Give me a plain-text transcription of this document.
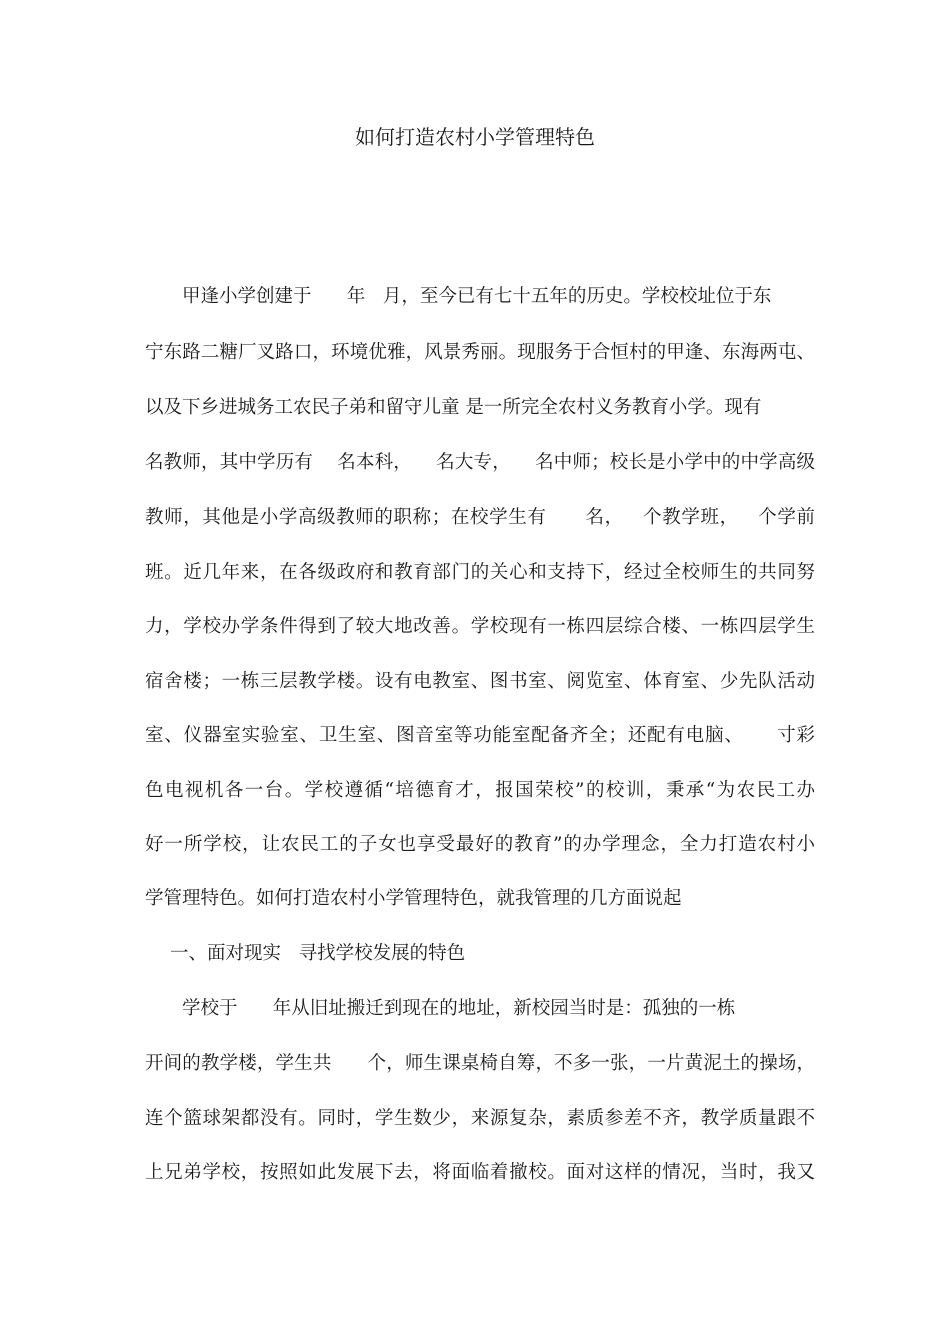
如何打造农村小学管理特色
甲逢小学创建于      年   月，至今已有七十五年的历史。学校校址位于东
宁东路二糖厂叉路口，环境优雅，风景秀丽。现服务于合恒村的甲逢、东海两屯、
以及下乡进城务工农民子弟和留守儿童 是一所完全农村义务教育小学。现有
名教师，其中学历有    名本科，    名大专，    名中师；校长是小学中的中学高级
教师，其他是小学高级教师的职称；在校学生有      名，   个教学班，   个学前
班。近几年来，在各级政府和教育部门的关心和支持下，经过全校师生的共同努
力，学校办学条件得到了较大地改善。学校现有一栋四层综合楼、一栋四层学生
宿舍楼；一栋三层教学楼。设有电教室、图书室、阅览室、体育室、少先队活动
室、仪器室实验室、卫生室、图音室等功能室配备齐全；还配有电脑、     寸彩
色电视机各一台。学校遵循“培德育才，报国荣校”的校训，秉承“为农民工办
好一所学校，让农民工的子女也享受最好的教育”的办学理念，全力打造农村小
学管理特色。如何打造农村小学管理特色，就我管理的几方面说起
一、面对现实   寻找学校发展的特色
学校于      年从旧址搬迁到现在的地址，新校园当时是：孤独的一栋
开间的教学楼，学生共      个，师生课桌椅自筹，不多一张，一片黄泥土的操场，
连个篮球架都没有。同时，学生数少，来源复杂，素质参差不齐，教学质量跟不
上兄弟学校，按照如此发展下去，将面临着撤校。面对这样的情况，当时，我又
